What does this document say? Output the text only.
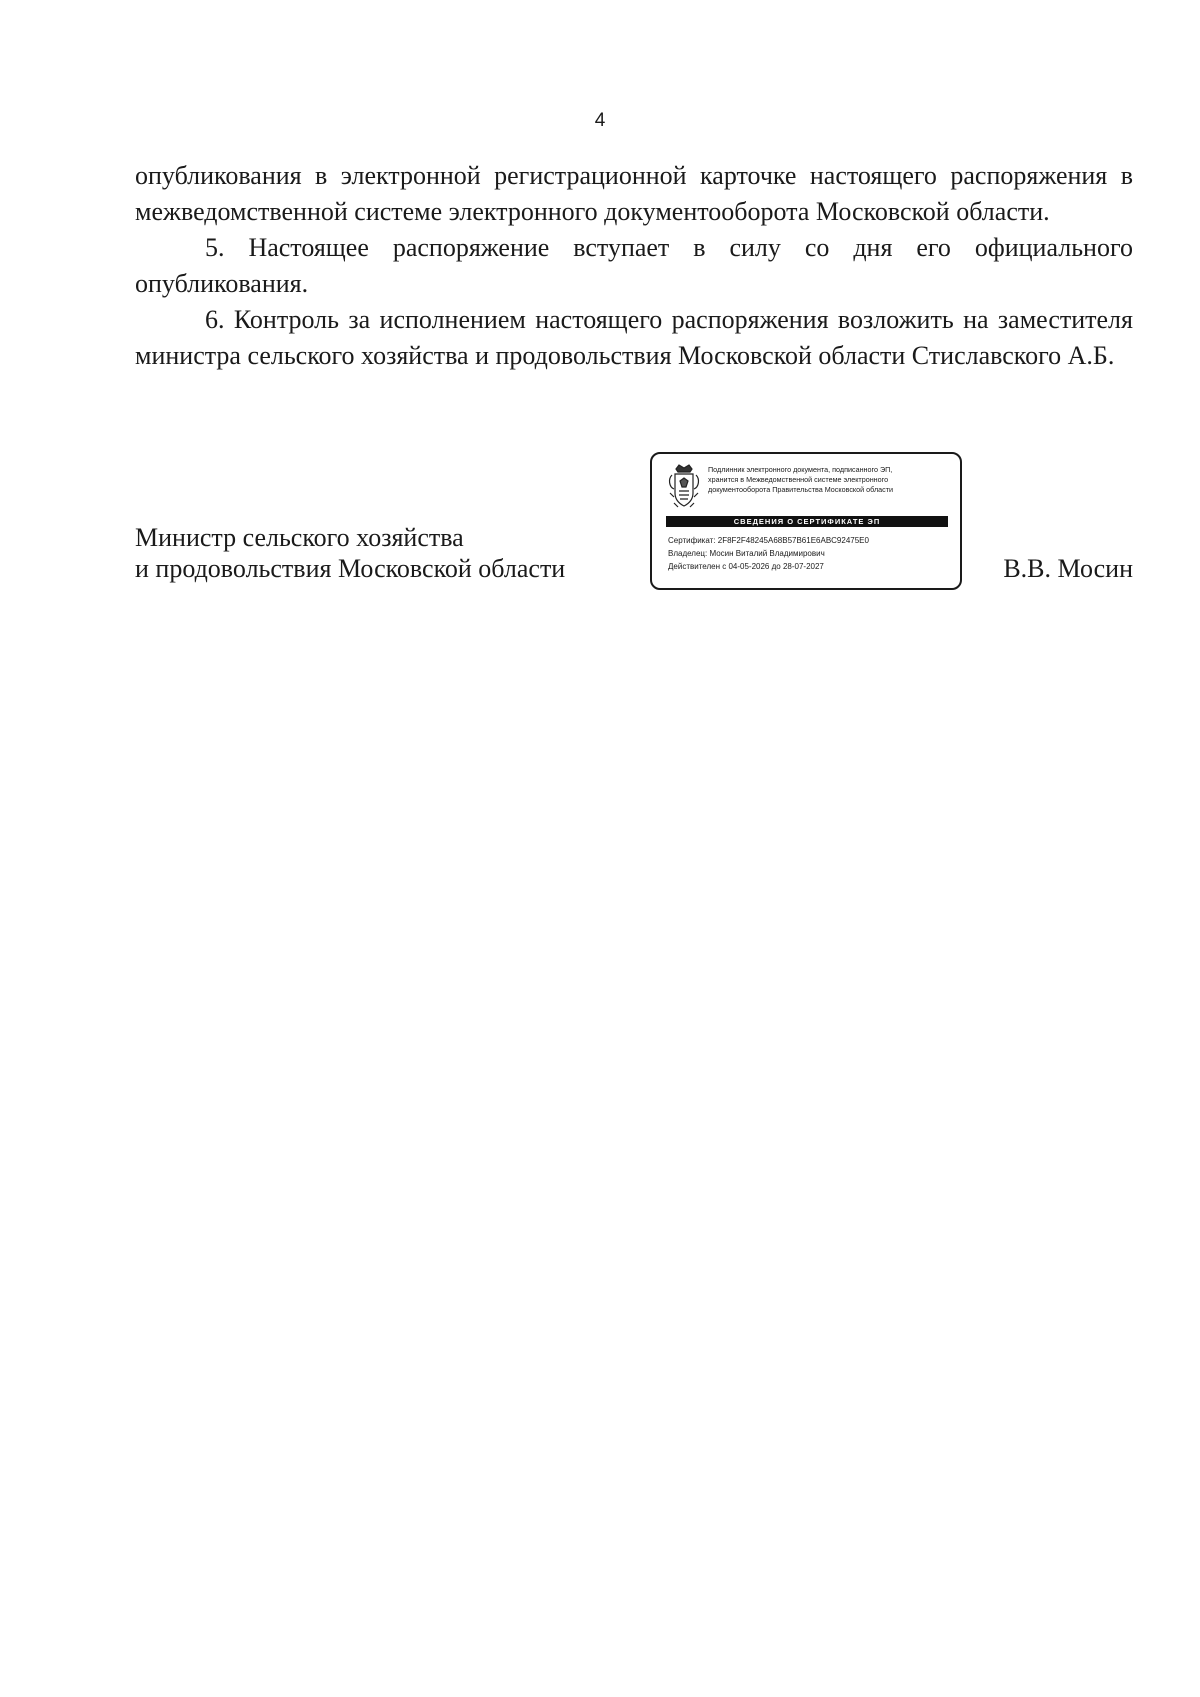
4

опубликования в электронной регистрационной карточке настоящего распоряжения в межведомственной системе электронного документооборота Московской области.

5. Настоящее распоряжение вступает в силу со дня его официального опубликования.

6. Контроль за исполнением настоящего распоряжения возложить на заместителя министра сельского хозяйства и продовольствия Московской области Стиславского А.Б.

Министр сельского хозяйства
и продовольствия Московской области
Подлинник электронного документа, подписанного ЭП,
хранится в Межведомственной системе электронного
документооборота Правительства Московской области
СВЕДЕНИЯ О СЕРТИФИКАТЕ ЭП
Сертификат: 2F8F2F48245A68B57B61E6ABC92475E0
Владелец: Мосин Виталий Владимирович
Действителен с 04-05-2026 до 28-07-2027	В.В. Мосин
